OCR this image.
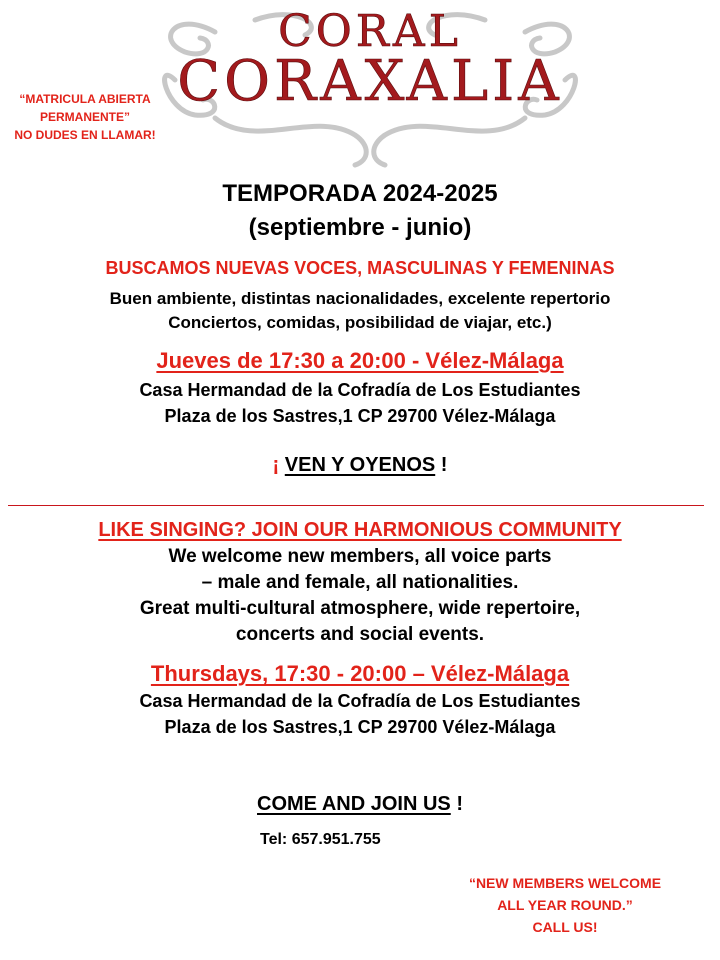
CORAL
CORAXALIA
“MATRICULA ABIERTA
PERMANENTE”
NO DUDES EN LLAMAR!
TEMPORADA 2024-2025
(septiembre - junio)
BUSCAMOS NUEVAS VOCES, MASCULINAS Y FEMENINAS
Buen ambiente, distintas nacionalidades, excelente repertorio
Conciertos, comidas, posibilidad de viajar, etc.)
Jueves de 17:30 a 20:00 - Vélez-Málaga
Casa Hermandad de la Cofradía de Los Estudiantes
Plaza de los Sastres,1 CP 29700 Vélez-Málaga
¡ VEN Y OYENOS !
LIKE SINGING? JOIN OUR HARMONIOUS COMMUNITY
We welcome new members, all voice parts
– male and female, all nationalities.
Great multi-cultural atmosphere, wide repertoire,
concerts and social events.
Thursdays, 17:30 - 20:00 – Vélez-Málaga
Casa Hermandad de la Cofradía de Los Estudiantes
Plaza de los Sastres,1 CP 29700 Vélez-Málaga
COME AND JOIN US !
Tel: 657.951.755
“NEW MEMBERS WELCOME
ALL YEAR ROUND.”
CALL US!
